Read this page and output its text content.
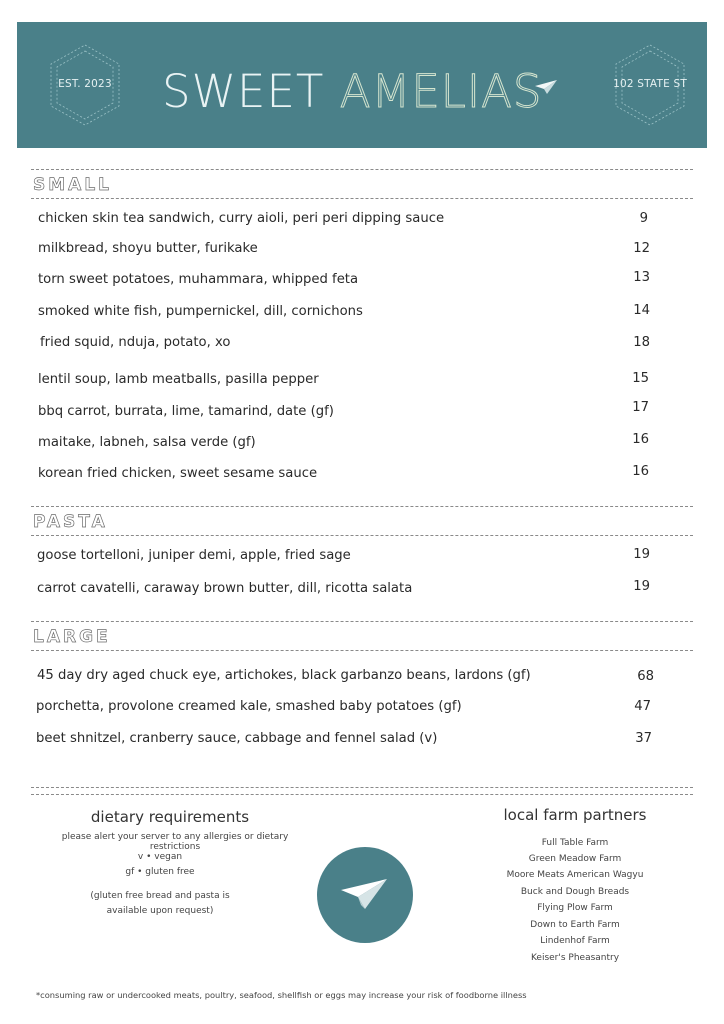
EST. 2023	SWEET AMELIAS	102 STATE ST
SMALL
chicken skin tea sandwich, curry aioli, peri peri dipping sauce	9
milkbread, shoyu butter, furikake	12
torn sweet potatoes, muhammara, whipped feta	13
smoked white fish, pumpernickel, dill, cornichons	14
fried squid, nduja, potato, xo	18
lentil soup, lamb meatballs, pasilla pepper	15
bbq carrot, burrata, lime, tamarind, date (gf)	17
maitake, labneh, salsa verde (gf)	16
korean fried chicken, sweet sesame sauce	16
PASTA
goose tortelloni, juniper demi, apple, fried sage	19
carrot cavatelli, caraway brown butter, dill, ricotta salata	19
LARGE
45 day dry aged chuck eye, artichokes, black garbanzo beans, lardons (gf)	68
porchetta, provolone creamed kale, smashed baby potatoes (gf)	47
beet shnitzel, cranberry sauce, cabbage and fennel salad (v)	37
dietary requirements
please alert your server to any allergies or dietary restrictions
v • vegan
gf • gluten free
(gluten free bread and pasta is
available upon request)
local farm partners
Full Table Farm
Green Meadow Farm
Moore Meats American Wagyu
Buck and Dough Breads
Flying Plow Farm
Down to Earth Farm
Lindenhof Farm
Keiser's Pheasantry
*consuming raw or undercooked meats, poultry, seafood, shellfish or eggs may increase your risk of foodborne illness
